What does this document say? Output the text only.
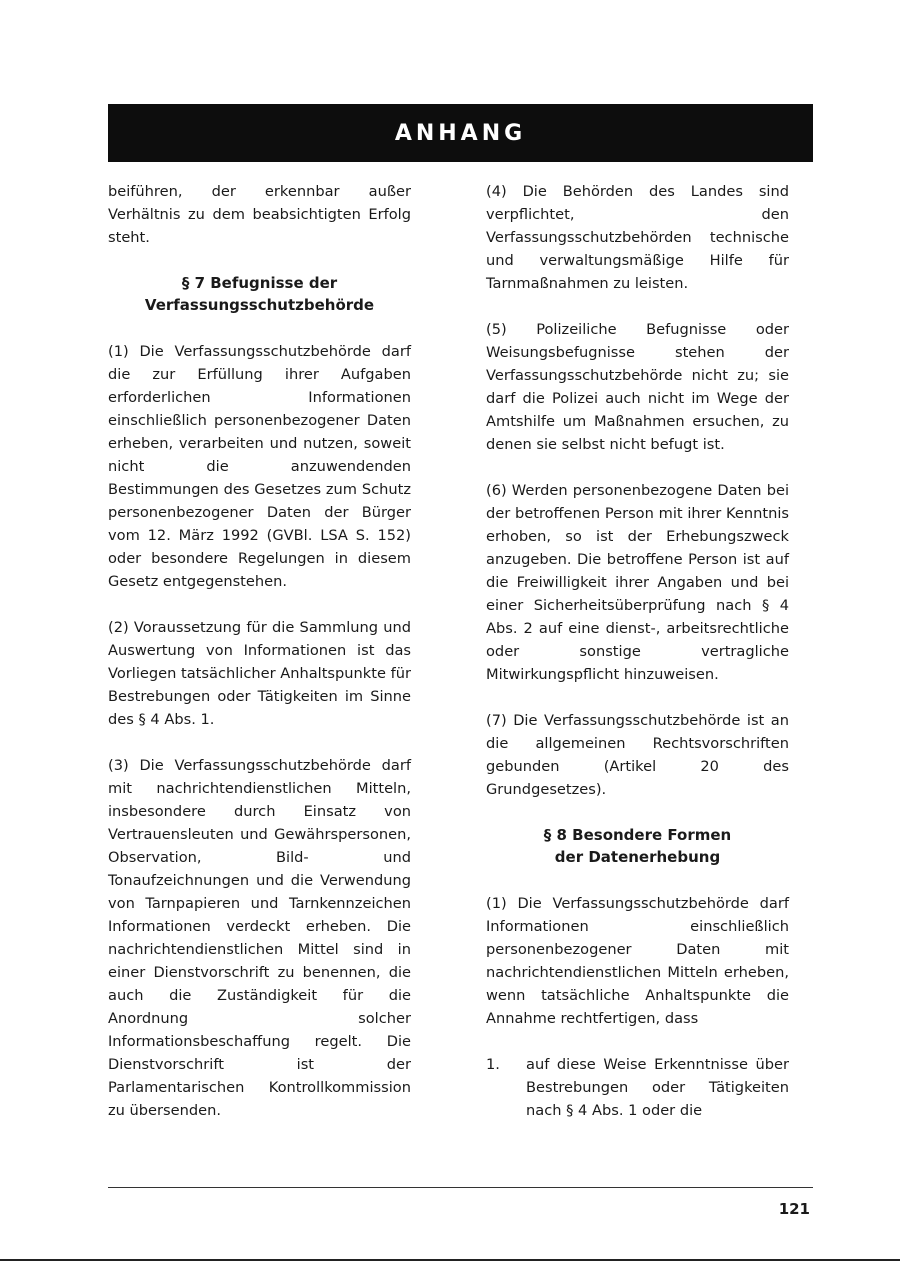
ANHANG

beiführen, der erkennbar außer Verhältnis zu dem beabsichtigten Erfolg steht.

§ 7 Befugnisse der
Verfassungsschutzbehörde

(1) Die Verfassungsschutzbehörde darf die zur Erfüllung ihrer Aufgaben erforderlichen Informationen einschließlich personenbezogener Daten erheben, verarbeiten und nutzen, soweit nicht die anzuwendenden Bestimmungen des Gesetzes zum Schutz personenbezogener Daten der Bürger vom 12. März 1992 (GVBl. LSA S. 152) oder besondere Regelungen in diesem Gesetz entgegenstehen.

(2) Voraussetzung für die Sammlung und Auswertung von Informationen ist das Vorliegen tatsächlicher Anhaltspunkte für Bestrebungen oder Tätigkeiten im Sinne des § 4 Abs. 1.

(3) Die Verfassungsschutzbehörde darf mit nachrichtendienstlichen Mitteln, insbesondere durch Einsatz von Vertrauensleuten und Gewährspersonen, Observation, Bild- und Tonaufzeichnungen und die Verwendung von Tarnpapieren und Tarnkennzeichen Informationen verdeckt erheben. Die nachrichtendienstlichen Mittel sind in einer Dienstvorschrift zu benennen, die auch die Zuständigkeit für die Anordnung solcher Informationsbeschaffung regelt. Die Dienstvorschrift ist der Parlamentarischen Kontrollkommission zu übersenden.

(4) Die Behörden des Landes sind verpflichtet, den Verfassungsschutzbehörden technische und verwaltungsmäßige Hilfe für Tarnmaßnahmen zu leisten.

(5) Polizeiliche Befugnisse oder Weisungsbefugnisse stehen der Verfassungsschutzbehörde nicht zu; sie darf die Polizei auch nicht im Wege der Amtshilfe um Maßnahmen ersuchen, zu denen sie selbst nicht befugt ist.

(6) Werden personenbezogene Daten bei der betroffenen Person mit ihrer Kenntnis erhoben, so ist der Erhebungszweck anzugeben. Die betroffene Person ist auf die Freiwilligkeit ihrer Angaben und bei einer Sicherheitsüberprüfung nach § 4 Abs. 2 auf eine dienst-, arbeitsrechtliche oder sonstige vertragliche Mitwirkungspflicht hinzuweisen.

(7) Die Verfassungsschutzbehörde ist an die allgemeinen Rechtsvorschriften gebunden (Artikel 20 des Grundgesetzes).

§ 8 Besondere Formen
der Datenerhebung

(1) Die Verfassungsschutzbehörde darf Informationen einschließlich personenbezogener Daten mit nachrichtendienstlichen Mitteln erheben, wenn tatsächliche Anhaltspunkte die Annahme rechtfertigen, dass

1.	auf diese Weise Erkenntnisse über Bestrebungen oder Tätigkeiten nach § 4 Abs. 1 oder die
121
